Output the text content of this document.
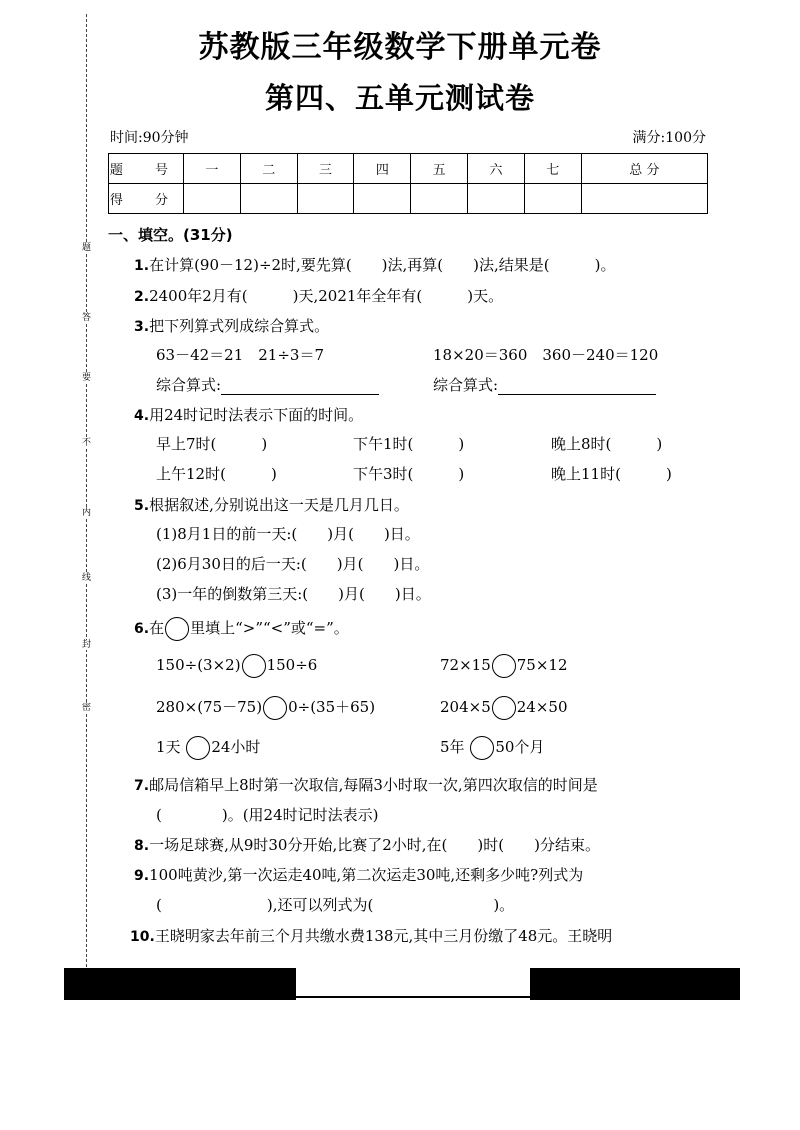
题
答
要
不
内
线
封
密
苏教版三年级数学下册单元卷
第四、五单元测试卷
时间:90分钟	满分:100分
题 号	一	二	三	四	五	六	七	总 分
得 分								
一、填空。(31分)
1.在计算(90－12)÷2时,要先算(　　)法,再算(　　)法,结果是(　　　)。
2.2400年2月有(　　　)天,2021年全年有(　　　)天。
3.把下列算式列成综合算式。
63－42＝21　21÷3＝7	18×20＝360　360－240＝120
综合算式:	综合算式:
4.用24时记时法表示下面的时间。
早上7时(　　　)	下午1时(　　　)	晚上8时(　　　)
上午12时(　　　)	下午3时(　　　)	晚上11时(　　　)
5.根据叙述,分别说出这一天是几月几日。
(1)8月1日的前一天:(　　)月(　　)日。
(2)6月30日的后一天:(　　)月(　　)日。
(3)一年的倒数第三天:(　　)月(　　)日。
6.在 里填上“>”“<”或“=”。
150÷(3×2) 150÷6	72×15 75×12
280×(75－75) 0÷(35＋65)	204×5 24×50
1天 24小时	5年 50个月
7.邮局信箱早上8时第一次取信,每隔3小时取一次,第四次取信的时间是
(　　　　)。(用24时记时法表示)
8.一场足球赛,从9时30分开始,比赛了2小时,在(　　)时(　　)分结束。
9.100吨黄沙,第一次运走40吨,第二次运走30吨,还剩多少吨?列式为
(　　　　　　　),还可以列式为(　　　　　　　　)。
10.王晓明家去年前三个月共缴水费138元,其中三月份缴了48元。王晓明
